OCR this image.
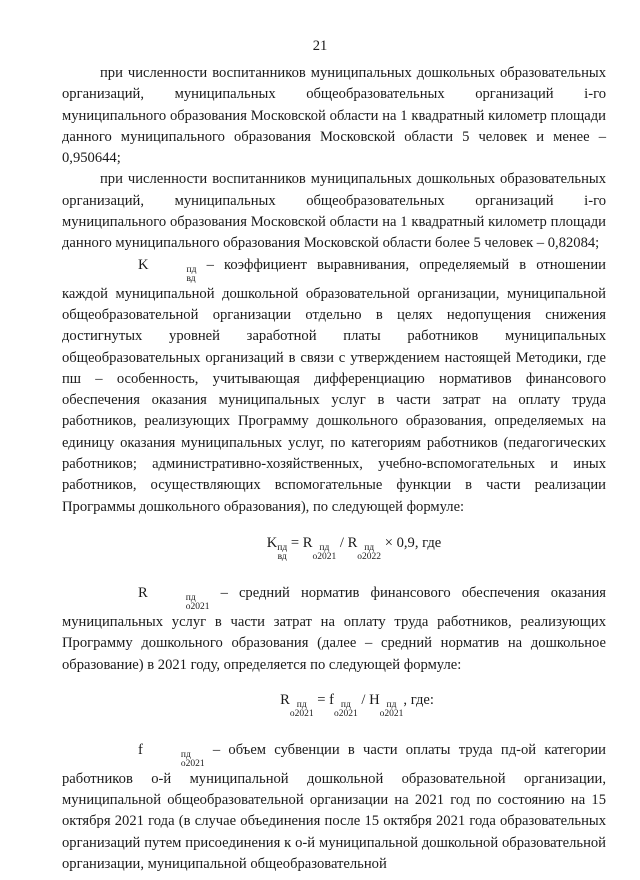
21

при численности воспитанников муниципальных дошкольных образовательных организаций, муниципальных общеобразовательных организаций i-го муниципального образования Московской области на 1 квадратный километр площади данного муниципального образования Московской области 5 человек и менее – 0,950644;

при численности воспитанников муниципальных дошкольных образовательных организаций, муниципальных общеобразовательных организаций i-го муниципального образования Московской области на 1 квадратный километр площади данного муниципального образования Московской области более 5 человек – 0,82084;

K	пд
вд
– коэффициент выравнивания, определяемый в отношении каждой муниципальной дошкольной образовательной организации, муниципальной общеобразовательной организации отдельно в целях недопущения снижения достигнутых уровней заработной платы работников муниципальных общеобразовательных организаций в связи с утверждением настоящей Методики, где пш – особенность, учитывающая дифференциацию нормативов финансового обеспечения оказания муниципальных услуг в части затрат на оплату труда работников, реализующих Программу дошкольного образования, определяемых на единицу оказания муниципальных услуг, по категориям работников (педагогических работников; административно-хозяйственных, учебно-вспомогательных и иных работников, осуществляющих вспомогательные функции в части реализации Программы дошкольного образования), по следующей формуле:

K пд
вд
= R пд
o2021
/ R пд
o2022
× 0,9, где

R	пд
o2021
– средний норматив финансового обеспечения оказания муниципальных услуг в части затрат на оплату труда работников, реализующих Программу дошкольного образования (далее – средний норматив на дошкольное образование) в 2021 году, определяется по следующей формуле:

R пд
o2021
= f пд
o2021
/ H пд
o2021
, где:

f	пд
o2021
– объем субвенции в части оплаты труда пд-ой категории работников о-й муниципальной дошкольной образовательной организации, муниципальной общеобразовательной организации на 2021 год по состоянию на 15 октября 2021 года (в случае объединения после 15 октября 2021 года образовательных организаций путем присоединения к о-й муниципальной дошкольной образовательной организации, муниципальной общеобразовательной
